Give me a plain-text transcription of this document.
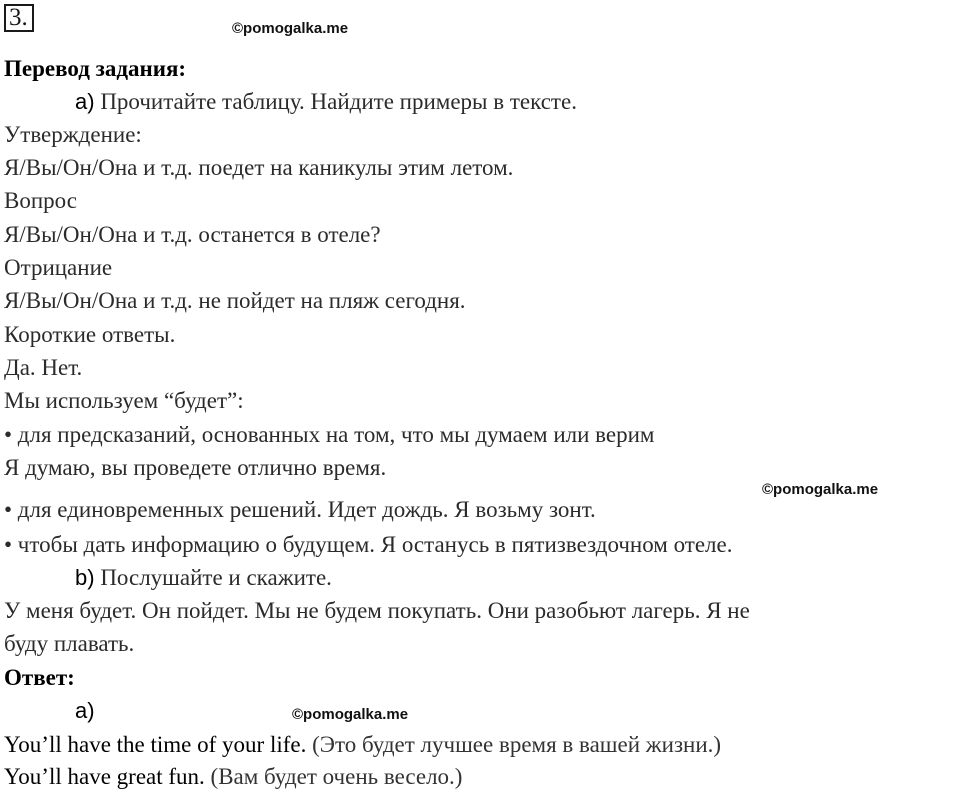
3.	©pomogalka.me
Перевод задания:
a) Прочитайте таблицу. Найдите примеры в тексте.
Утверждение:
Я/Вы/Он/Она и т.д. поедет на каникулы этим летом.
Вопрос
Я/Вы/Он/Она и т.д. останется в отеле?
Отрицание
Я/Вы/Он/Она и т.д. не пойдет на пляж сегодня.
Короткие ответы.
Да. Нет.
Мы используем “будет”:
• для предсказаний, основанных на том, что мы думаем или верим
Я думаю, вы проведете отлично время.
©pomogalka.me
• для единовременных решений. Идет дождь. Я возьму зонт.
• чтобы дать информацию о будущем. Я останусь в пятизвездочном отеле.
b) Послушайте и скажите.
У меня будет. Он пойдет. Мы не будем покупать. Они разобьют лагерь. Я не
буду плавать.
Ответ:
a)	©pomogalka.me
You’ll have the time of your life. (Это будет лучшее время в вашей жизни.)
You’ll have great fun. (Вам будет очень весело.)
